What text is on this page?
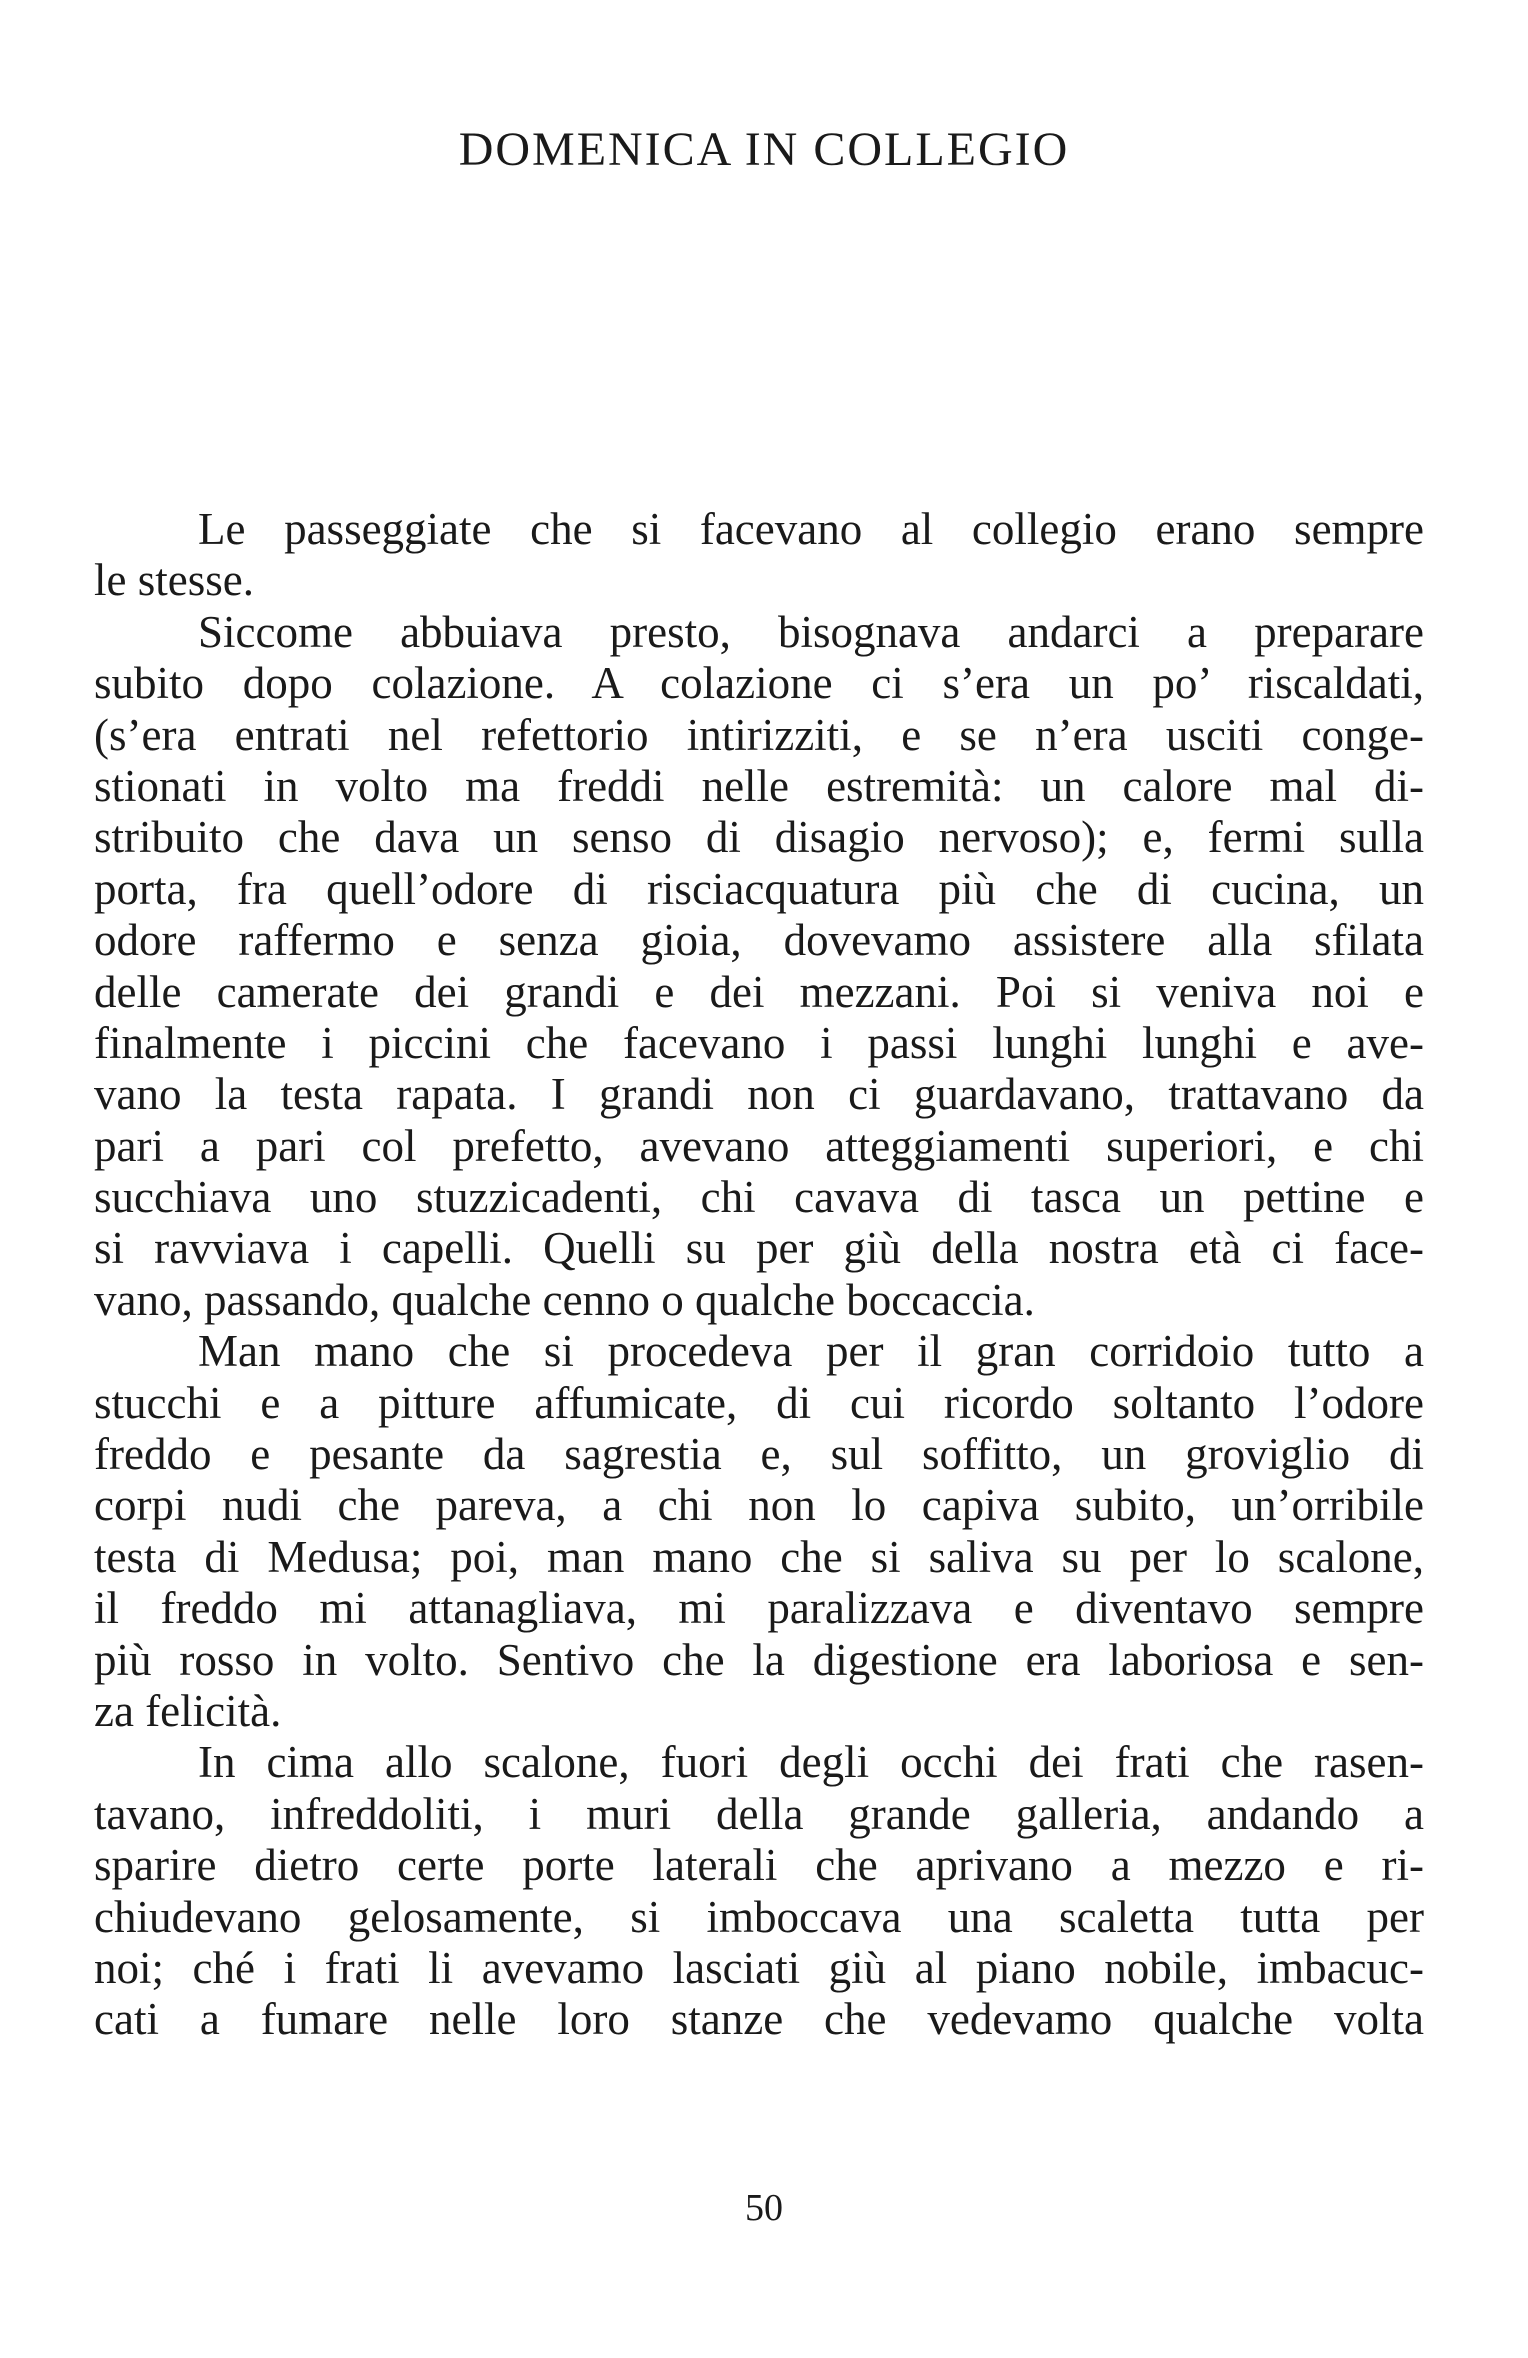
DOMENICA IN COLLEGIO
Le passeggiate che si facevano al collegio erano sempre
le stesse.
Siccome abbuiava presto, bisognava andarci a preparare
subito dopo colazione. A colazione ci s’era un po’ riscaldati,
(s’era entrati nel refettorio intirizziti, e se n’era usciti conge-
stionati in volto ma freddi nelle estremità: un calore mal di-
stribuito che dava un senso di disagio nervoso); e, fermi sulla
porta, fra quell’odore di risciacquatura più che di cucina, un
odore raffermo e senza gioia, dovevamo assistere alla sfilata
delle camerate dei grandi e dei mezzani. Poi si veniva noi e
finalmente i piccini che facevano i passi lunghi lunghi e ave-
vano la testa rapata. I grandi non ci guardavano, trattavano da
pari a pari col prefetto, avevano atteggiamenti superiori, e chi
succhiava uno stuzzicadenti, chi cavava di tasca un pettine e
si ravviava i capelli. Quelli su per giù della nostra età ci face-
vano, passando, qualche cenno o qualche boccaccia.
Man mano che si procedeva per il gran corridoio tutto a
stucchi e a pitture affumicate, di cui ricordo soltanto l’odore
freddo e pesante da sagrestia e, sul soffitto, un groviglio di
corpi nudi che pareva, a chi non lo capiva subito, un’orribile
testa di Medusa; poi, man mano che si saliva su per lo scalone,
il freddo mi attanagliava, mi paralizzava e diventavo sempre
più rosso in volto. Sentivo che la digestione era laboriosa e sen-
za felicità.
In cima allo scalone, fuori degli occhi dei frati che rasen-
tavano, infreddoliti, i muri della grande galleria, andando a
sparire dietro certe porte laterali che aprivano a mezzo e ri-
chiudevano gelosamente, si imboccava una scaletta tutta per
noi; ché i frati li avevamo lasciati giù al piano nobile, imbacuc-
cati a fumare nelle loro stanze che vedevamo qualche volta
50
